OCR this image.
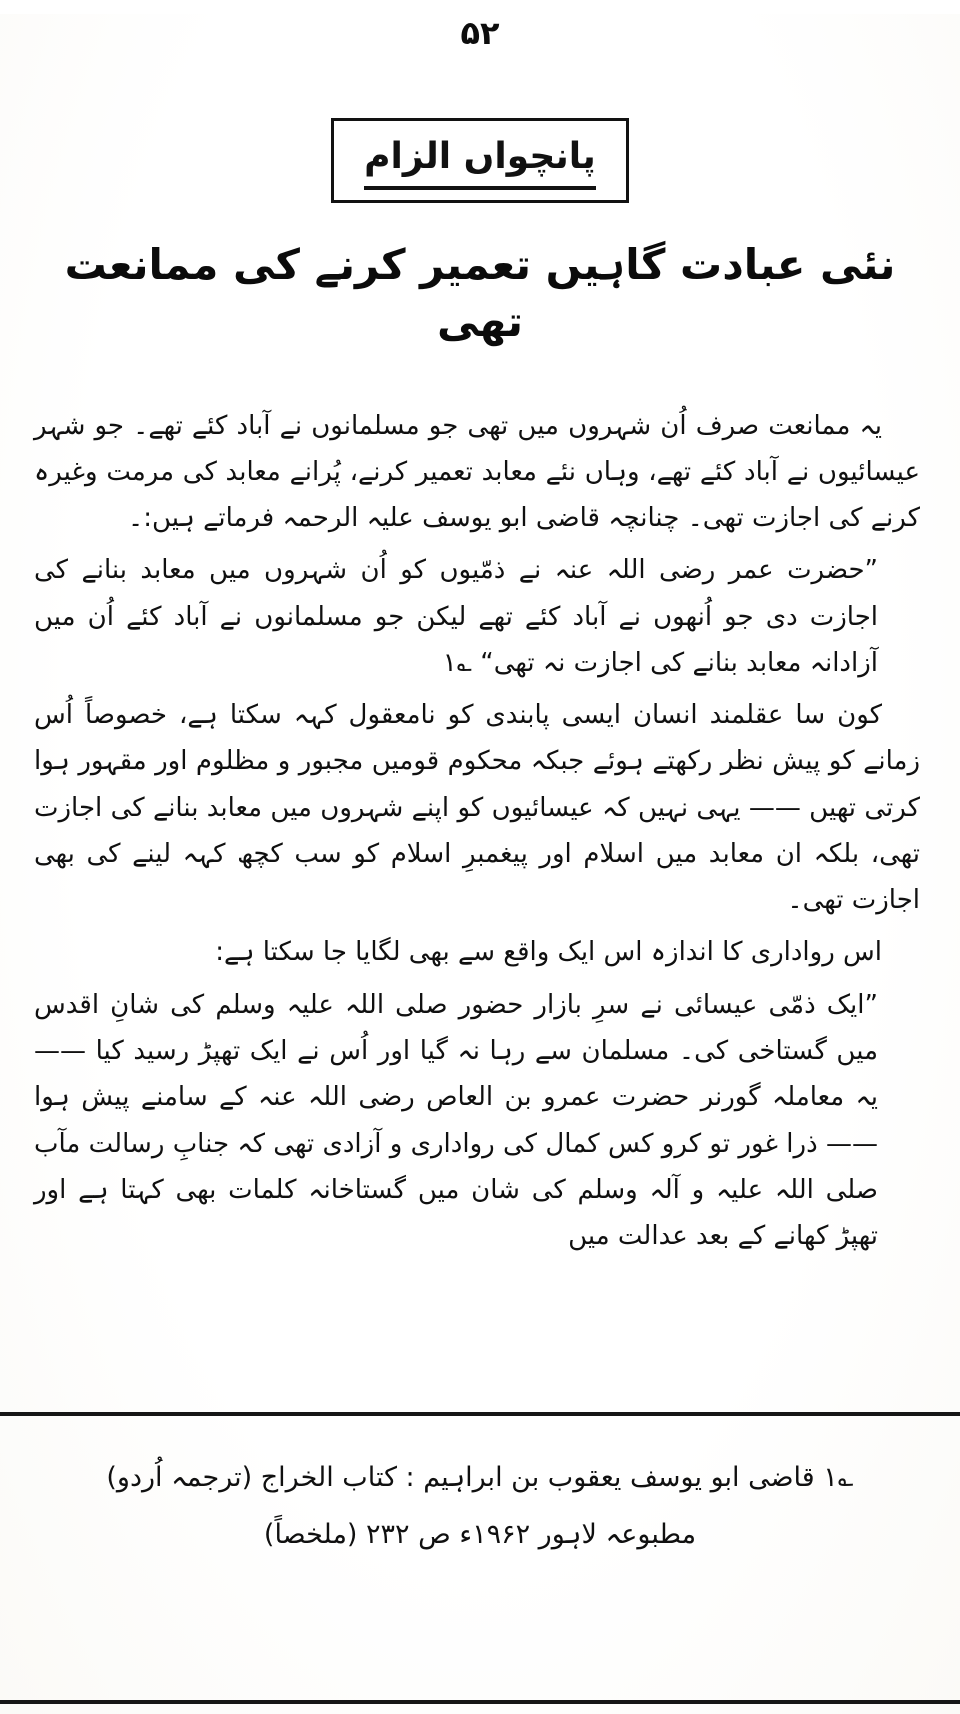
۵۲
پانچواں الزام
نئی عبادت گاہیں تعمیر کرنے کی ممانعت تھی

یہ ممانعت صرف اُن شہروں میں تھی جو مسلمانوں نے آباد کئے تھے۔ جو شہر عیسائیوں نے آباد کئے تھے، وہاں نئے معابد تعمیر کرنے، پُرانے معابد کی مرمت وغیرہ کرنے کی اجازت تھی۔ چنانچہ قاضی ابو یوسف علیہ الرحمہ فرماتے ہیں:۔

”حضرت عمر رضی اللہ عنہ نے ذمّیوں کو اُن شہروں میں معابد بنانے کی اجازت دی جو اُنھوں نے آباد کئے تھے لیکن جو مسلمانوں نے آباد کئے اُن میں آزادانہ معابد بنانے کی اجازت نہ تھی“ ؎۱

کون سا عقلمند انسان ایسی پابندی کو نامعقول کہہ سکتا ہے، خصوصاً اُس زمانے کو پیش نظر رکھتے ہوئے جبکہ محکوم قومیں مجبور و مظلوم اور مقہور ہوا کرتی تھیں —— یہی نہیں کہ عیسائیوں کو اپنے شہروں میں معابد بنانے کی اجازت تھی، بلکہ ان معابد میں اسلام اور پیغمبرِ اسلام کو سب کچھ کہہ لینے کی بھی اجازت تھی۔

اس رواداری کا اندازہ اس ایک واقع سے بھی لگایا جا سکتا ہے:

”ایک ذمّی عیسائی نے سرِ بازار حضور صلی اللہ علیہ وسلم کی شانِ اقدس میں گستاخی کی۔ مسلمان سے رہا نہ گیا اور اُس نے ایک تھپڑ رسید کیا —— یہ معاملہ گورنر حضرت عمرو بن العاص رضی اللہ عنہ کے سامنے پیش ہوا —— ذرا غور تو کرو کس کمال کی رواداری و آزادی تھی کہ جنابِ رسالت مآب صلی اللہ علیہ و آلہ وسلم کی شان میں گستاخانہ کلمات بھی کہتا ہے اور تھپڑ کھانے کے بعد عدالت میں

؎۱ قاضی ابو یوسف یعقوب بن ابراہیم : کتاب الخراج (ترجمہ اُردو)
مطبوعہ لاہور ۱۹۶۲ء ص ۲۳۲ (ملخصاً)
